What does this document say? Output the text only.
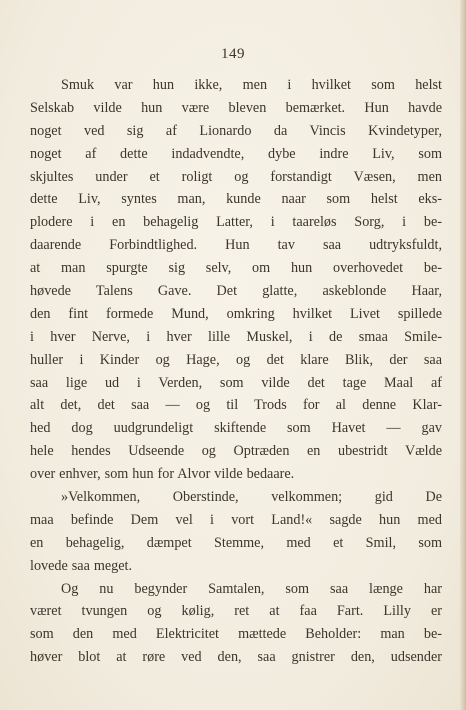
149
Smuk var hun ikke, men i hvilket som helst
Selskab vilde hun være bleven bemærket. Hun havde
noget ved sig af Lionardo da Vincis Kvindetyper,
noget af dette indadvendte, dybe indre Liv, som
skjultes under et roligt og forstandigt Væsen, men
dette Liv, syntes man, kunde naar som helst eks-
plodere i en behagelig Latter, i taareløs Sorg, i be-
daarende Forbindtlighed. Hun tav saa udtryksfuldt,
at man spurgte sig selv, om hun overhovedet be-
høvede Talens Gave. Det glatte, askeblonde Haar,
den fint formede Mund, omkring hvilket Livet spillede
i hver Nerve, i hver lille Muskel, i de smaa Smile-
huller i Kinder og Hage, og det klare Blik, der saa
saa lige ud i Verden, som vilde det tage Maal af
alt det, det saa — og til Trods for al denne Klar-
hed dog uudgrundeligt skiftende som Havet — gav
hele hendes Udseende og Optræden en ubestridt Vælde
over enhver, som hun for Alvor vilde bedaare.
»Velkommen, Oberstinde, velkommen; gid De
maa befinde Dem vel i vort Land!« sagde hun med
en behagelig, dæmpet Stemme, med et Smil, som
lovede saa meget.
Og nu begynder Samtalen, som saa længe har
været tvungen og kølig, ret at faa Fart. Lilly er
som den med Elektricitet mættede Beholder: man be-
høver blot at røre ved den, saa gnistrer den, udsender
